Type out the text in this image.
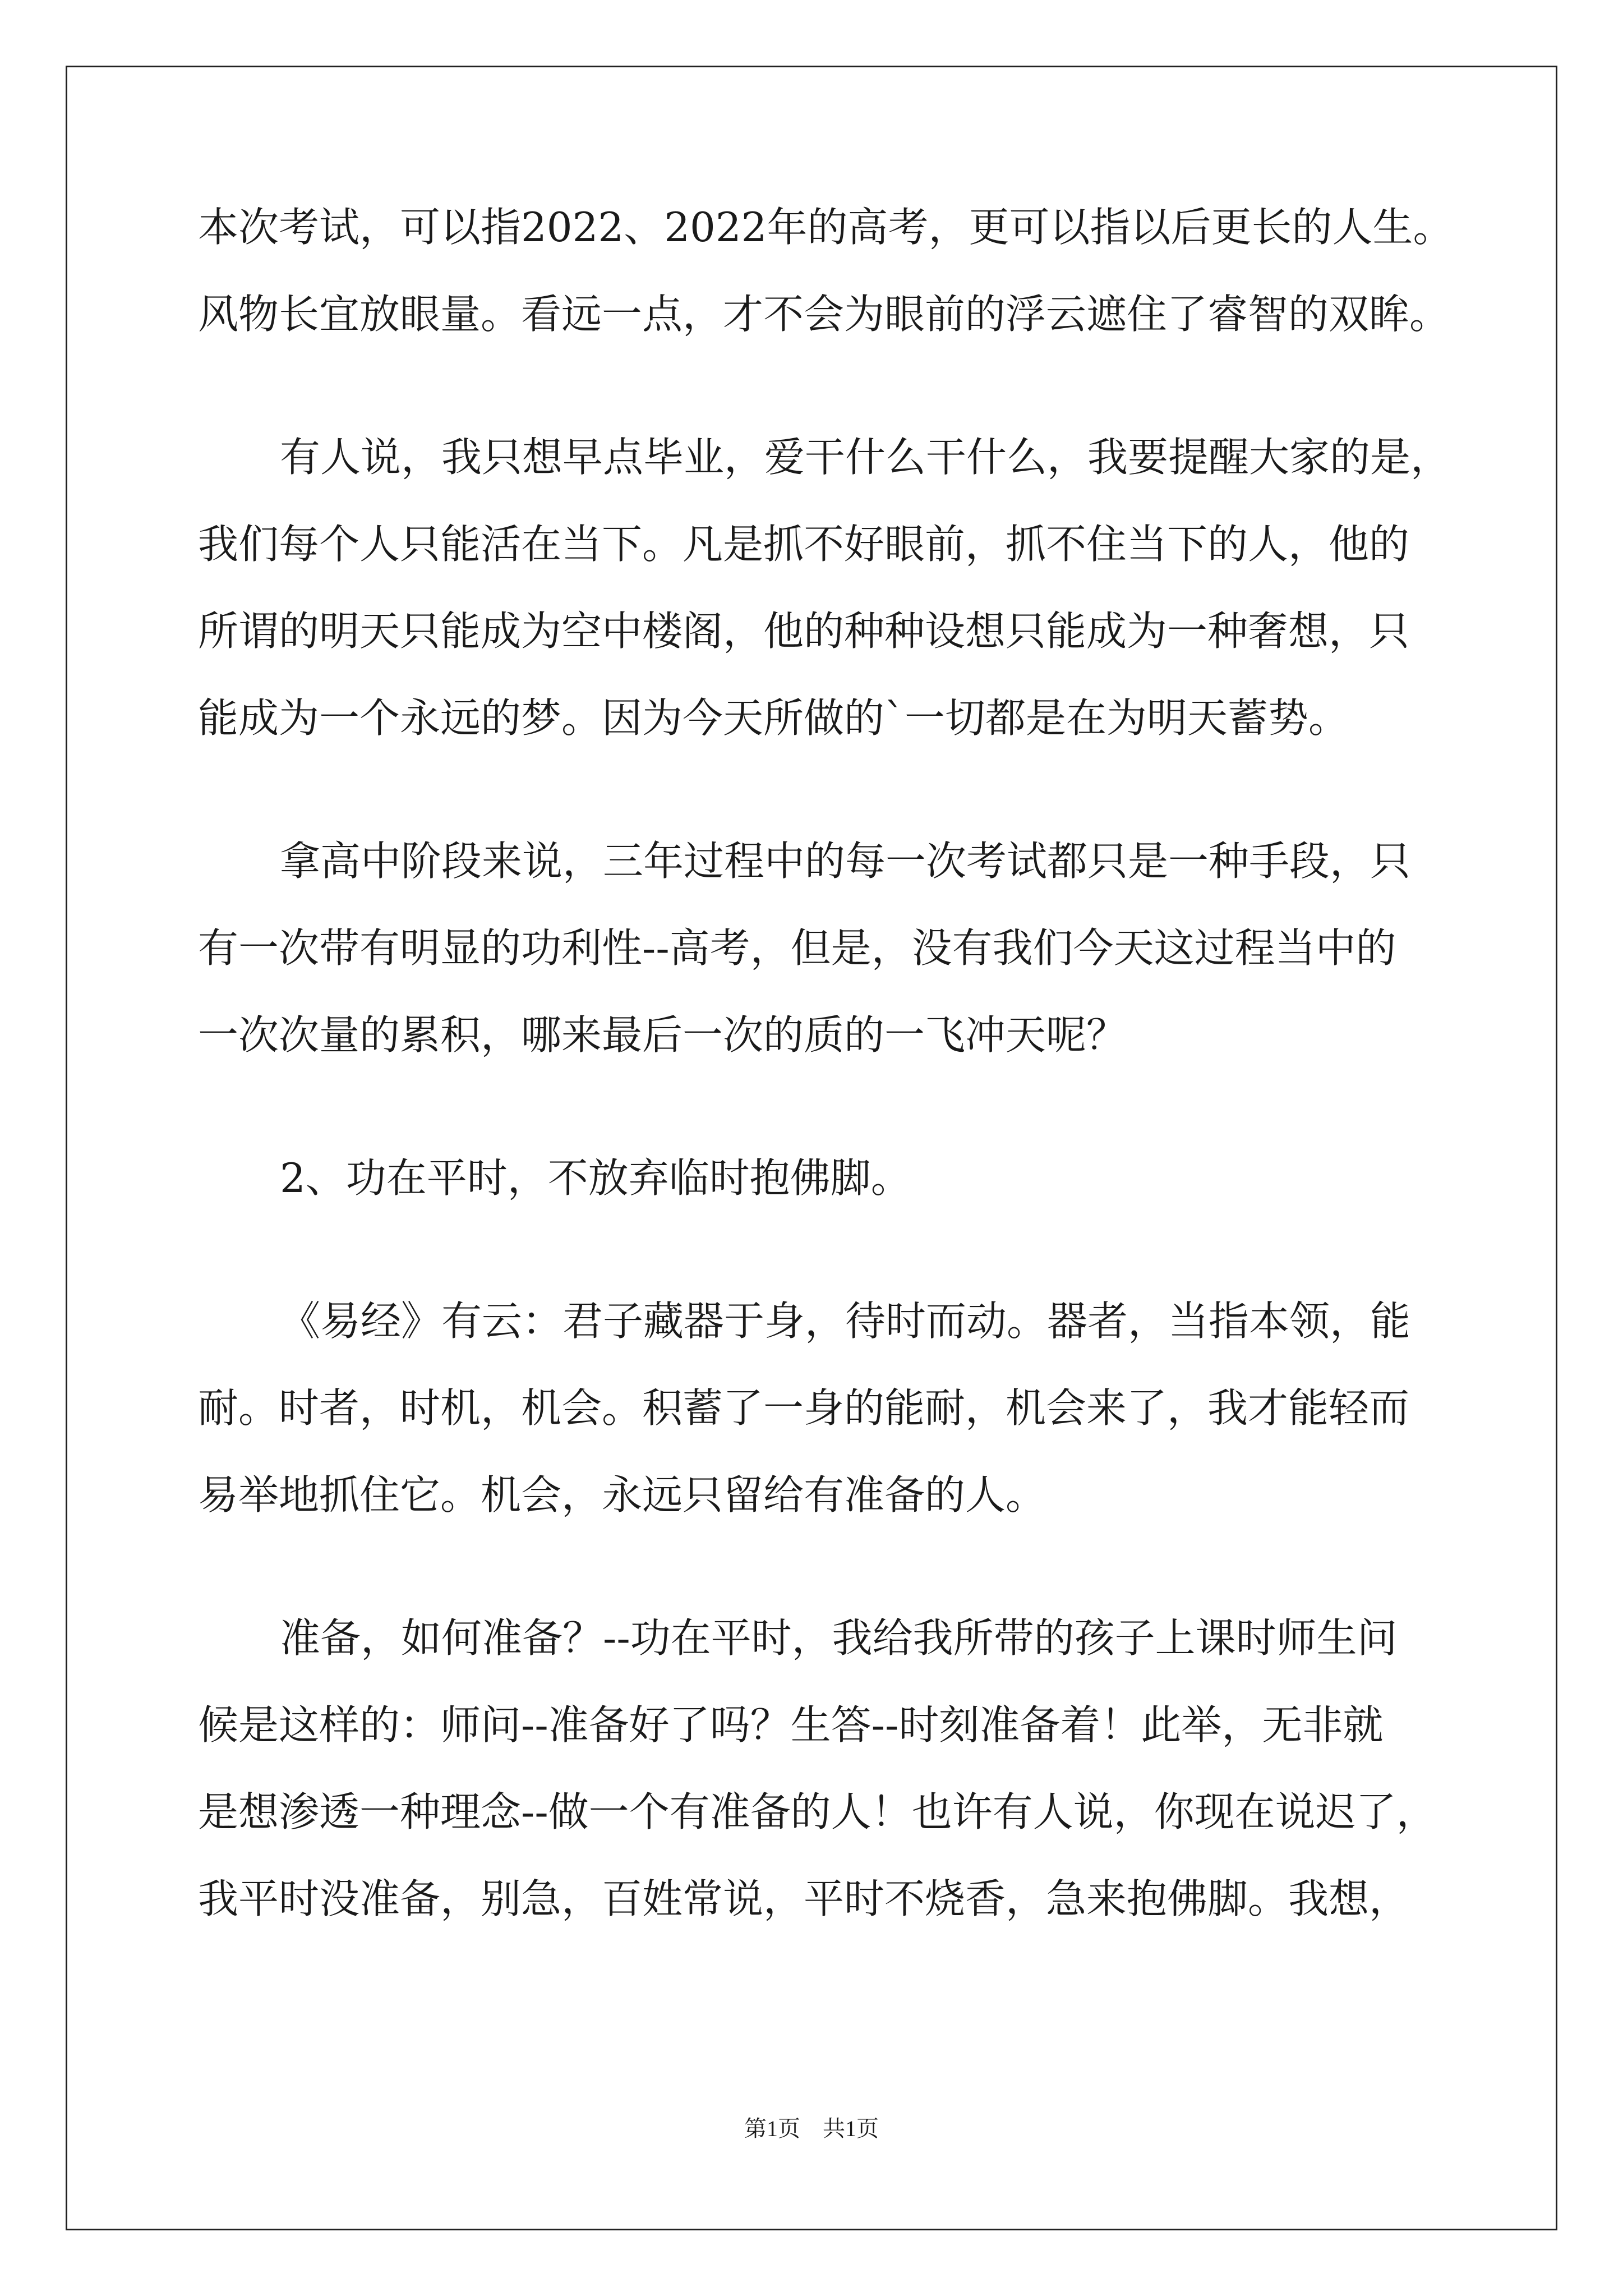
本次考试，可以指2022、2022年的高考，更可以指以后更长的人生。
风物长宜放眼量。看远一点，才不会为眼前的浮云遮住了睿智的双眸。
有人说，我只想早点毕业，爱干什么干什么，我要提醒大家的是，
我们每个人只能活在当下。凡是抓不好眼前，抓不住当下的人，他的
所谓的明天只能成为空中楼阁，他的种种设想只能成为一种奢想，只
能成为一个永远的梦。因为今天所做的`一切都是在为明天蓄势。
拿高中阶段来说，三年过程中的每一次考试都只是一种手段，只
有一次带有明显的功利性--高考，但是，没有我们今天这过程当中的
一次次量的累积，哪来最后一次的质的一飞冲天呢？
2、功在平时，不放弃临时抱佛脚。
《易经》有云：君子藏器于身，待时而动。器者，当指本领，能
耐。时者，时机，机会。积蓄了一身的能耐，机会来了，我才能轻而
易举地抓住它。机会，永远只留给有准备的人。
准备，如何准备？--功在平时，我给我所带的孩子上课时师生问
候是这样的：师问--准备好了吗？生答--时刻准备着！此举，无非就
是想渗透一种理念--做一个有准备的人！也许有人说，你现在说迟了，
我平时没准备，别急，百姓常说，平时不烧香，急来抱佛脚。我想，
第1页　共1页
